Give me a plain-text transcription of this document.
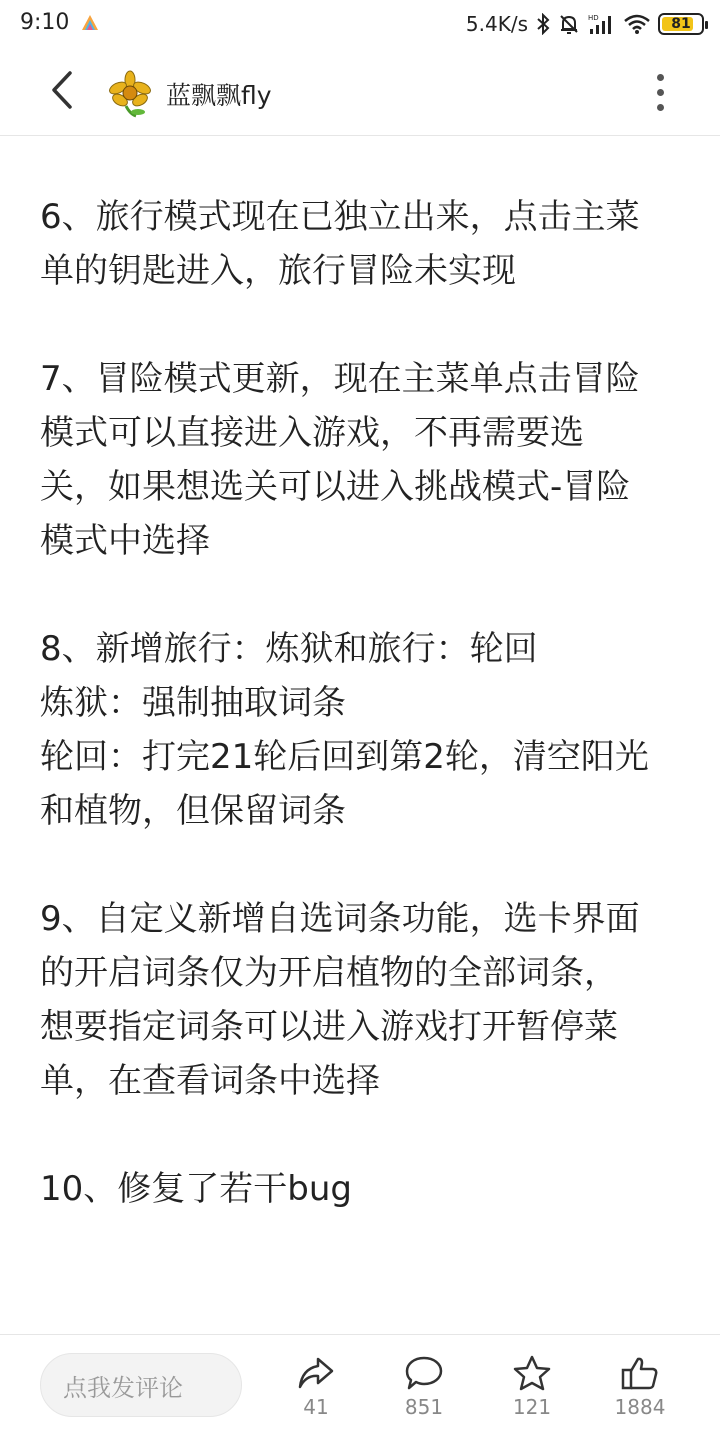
9:10	5.4K/s	HD	81
蓝飘飘fly
6、旅行模式现在已独立出来，点击主菜
单的钥匙进入，旅行冒险未实现
7、冒险模式更新，现在主菜单点击冒险
模式可以直接进入游戏，不再需要选
关，如果想选关可以进入挑战模式-冒险
模式中选择
8、新增旅行：炼狱和旅行：轮回
炼狱：强制抽取词条
轮回：打完21轮后回到第2轮，清空阳光
和植物，但保留词条
9、自定义新增自选词条功能，选卡界面
的开启词条仅为开启植物的全部词条，
想要指定词条可以进入游戏打开暂停菜
单，在查看词条中选择
10、修复了若干bug
点我发评论
41	851	121	1884
